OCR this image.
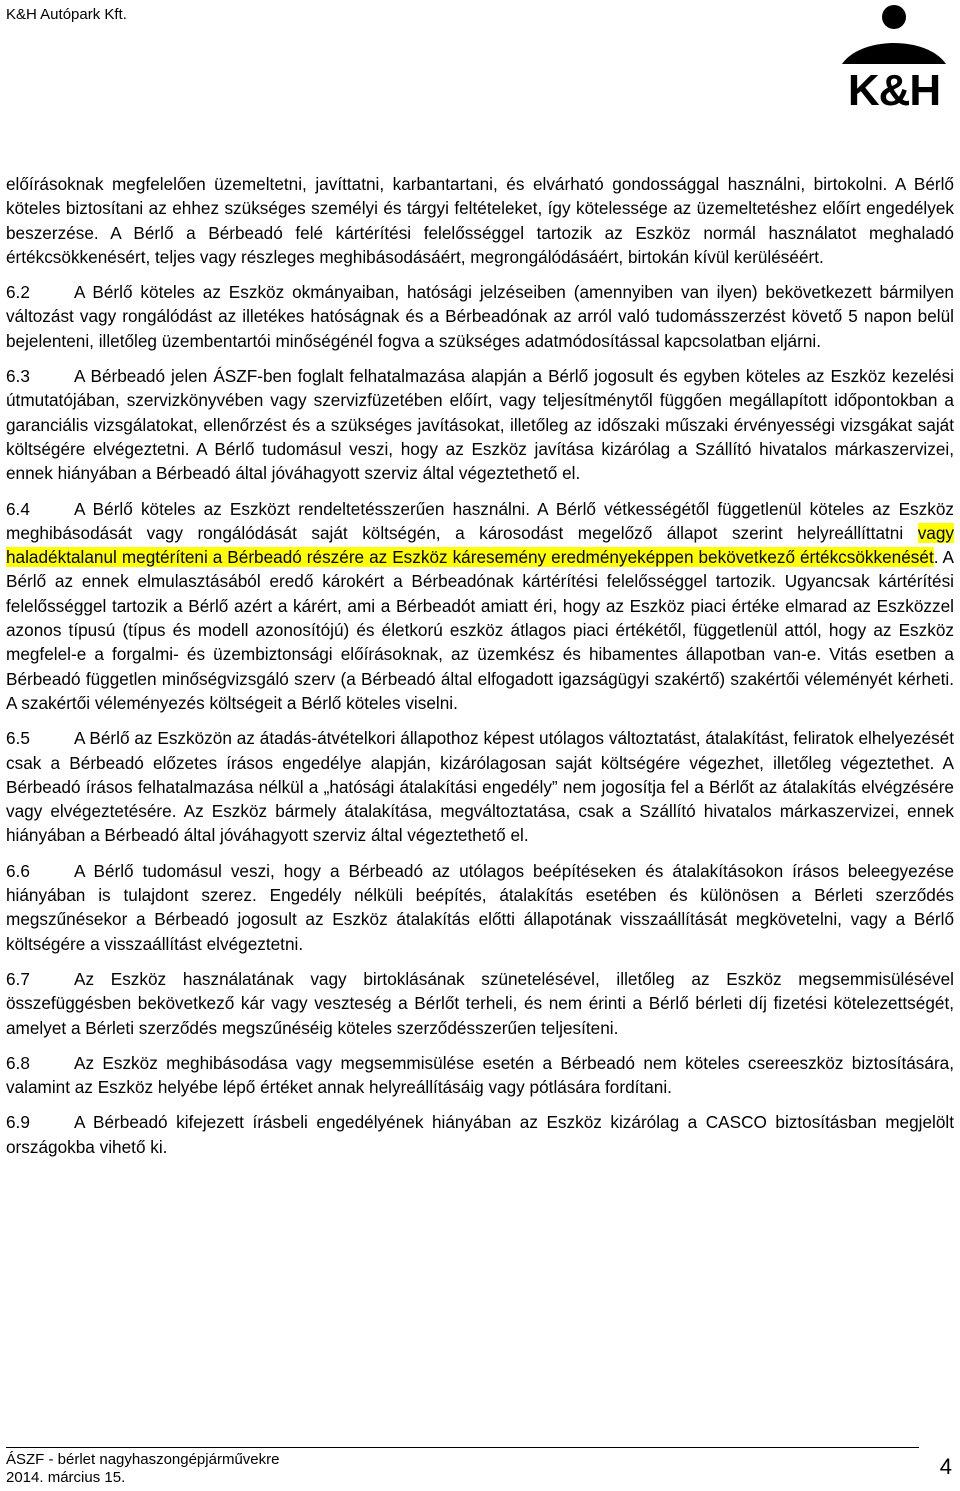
K&H Autópark Kft.
K&H

előírásoknak megfelelően üzemeltetni, javíttatni, karbantartani, és elvárható gondossággal használni, birtokolni. A Bérlő köteles biztosítani az ehhez szükséges személyi és tárgyi feltételeket, így kötelessége az üzemeltetéshez előírt engedélyek beszerzése. A Bérlő a Bérbeadó felé kártérítési felelősséggel tartozik az Eszköz normál használatot meghaladó értékcsökkenésért, teljes vagy részleges meghibásodásáért, megrongálódásáért, birtokán kívül kerüléséért.

6.2	A Bérlő köteles az Eszköz okmányaiban, hatósági jelzéseiben (amennyiben van ilyen) bekövetkezett bármilyen változást vagy rongálódást az illetékes hatóságnak és a Bérbeadónak az arról való tudomásszerzést követő 5 napon belül bejelenteni, illetőleg üzembentartói minőségénél fogva a szükséges adatmódosítással kapcsolatban eljárni.

6.3	A Bérbeadó jelen ÁSZF-ben foglalt felhatalmazása alapján a Bérlő jogosult és egyben köteles az Eszköz kezelési útmutatójában, szervizkönyvében vagy szervizfüzetében előírt, vagy teljesítménytől függően megállapított időpontokban a garanciális vizsgálatokat, ellenőrzést és a szükséges javításokat, illetőleg az időszaki műszaki érvényességi vizsgákat saját költségére elvégeztetni. A Bérlő tudomásul veszi, hogy az Eszköz javítása kizárólag a Szállító hivatalos márkaszervizei, ennek hiányában a Bérbeadó által jóváhagyott szerviz által végeztethető el.

6.4	A Bérlő köteles az Eszközt rendeltetésszerűen használni. A Bérlő vétkességétől függetlenül köteles az Eszköz meghibásodását vagy rongálódását saját költségén, a károsodást megelőző állapot szerint helyreállíttatni vagy haladéktalanul megtéríteni a Bérbeadó részére az Eszköz káresemény eredményeképpen bekövetkező értékcsökkenését. A Bérlő az ennek elmulasztásából eredő károkért a Bérbeadónak kártérítési felelősséggel tartozik. Ugyancsak kártérítési felelősséggel tartozik a Bérlő azért a kárért, ami a Bérbeadót amiatt éri, hogy az Eszköz piaci értéke elmarad az Eszközzel azonos típusú (típus és modell azonosítójú) és életkorú eszköz átlagos piaci értékétől, függetlenül attól, hogy az Eszköz megfelel-e a forgalmi- és üzembiztonsági előírásoknak, az üzemkész és hibamentes állapotban van-e. Vitás esetben a Bérbeadó független minőségvizsgáló szerv (a Bérbeadó által elfogadott igazságügyi szakértő) szakértői véleményét kérheti. A szakértői véleményezés költségeit a Bérlő köteles viselni.

6.5	A Bérlő az Eszközön az átadás-átvételkori állapothoz képest utólagos változtatást, átalakítást, feliratok elhelyezését csak a Bérbeadó előzetes írásos engedélye alapján, kizárólagosan saját költségére végezhet, illetőleg végeztethet. A Bérbeadó írásos felhatalmazása nélkül a „hatósági átalakítási engedély” nem jogosítja fel a Bérlőt az átalakítás elvégzésére vagy elvégeztetésére. Az Eszköz bármely átalakítása, megváltoztatása, csak a Szállító hivatalos márkaszervizei, ennek hiányában a Bérbeadó által jóváhagyott szerviz által végeztethető el.

6.6	A Bérlő tudomásul veszi, hogy a Bérbeadó az utólagos beépítéseken és átalakításokon írásos beleegyezése hiányában is tulajdont szerez. Engedély nélküli beépítés, átalakítás esetében és különösen a Bérleti szerződés megszűnésekor a Bérbeadó jogosult az Eszköz átalakítás előtti állapotának visszaállítását megkövetelni, vagy a Bérlő költségére a visszaállítást elvégeztetni.

6.7	Az Eszköz használatának vagy birtoklásának szünetelésével, illetőleg az Eszköz megsemmisülésével összefüggésben bekövetkező kár vagy veszteség a Bérlőt terheli, és nem érinti a Bérlő bérleti díj fizetési kötelezettségét, amelyet a Bérleti szerződés megszűnéséig köteles szerződésszerűen teljesíteni.

6.8	Az Eszköz meghibásodása vagy megsemmisülése esetén a Bérbeadó nem köteles csereeszköz biztosítására, valamint az Eszköz helyébe lépő értéket annak helyreállításáig vagy pótlására fordítani.

6.9	A Bérbeadó kifejezett írásbeli engedélyének hiányában az Eszköz kizárólag a CASCO biztosításban megjelölt országokba vihető ki.

ÁSZF - bérlet nagyhaszongépjárművekre
2014. március 15.	4
